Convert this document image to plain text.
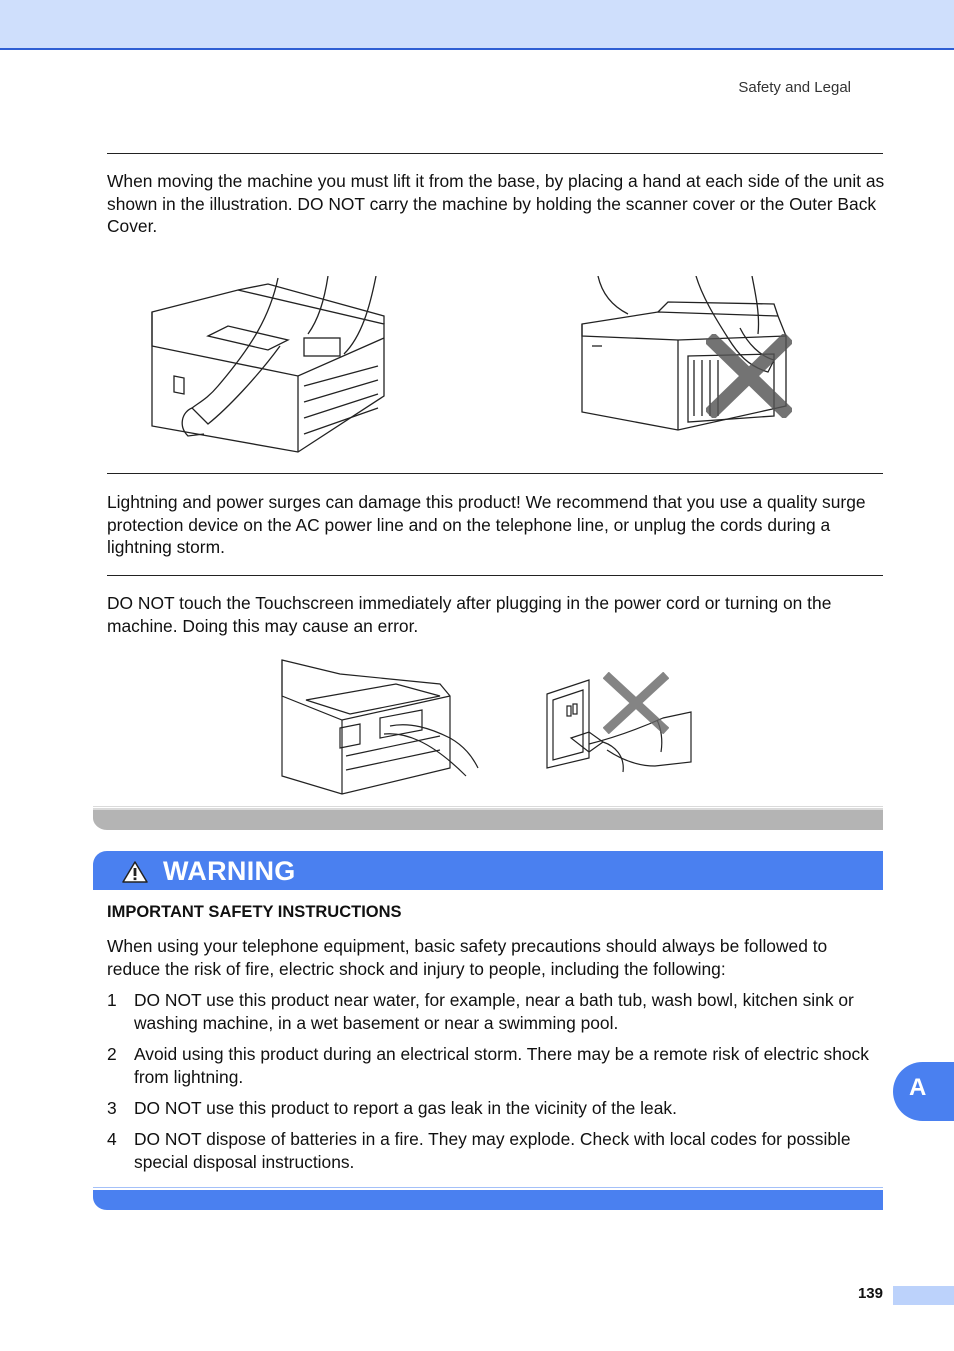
Safety and Legal
When moving the machine you must lift it from the base, by placing a hand at each side of the unit as shown in the illustration. DO NOT carry the machine by holding the scanner cover or the Outer Back Cover.
Lightning and power surges can damage this product! We recommend that you use a quality surge protection device on the AC power line and on the telephone line, or unplug the cords during a lightning storm.
DO NOT touch the Touchscreen immediately after plugging in the power cord or turning on the machine. Doing this may cause an error.
WARNING
IMPORTANT SAFETY INSTRUCTIONS
When using your telephone equipment, basic safety precautions should always be followed to reduce the risk of fire, electric shock and injury to people, including the following:
1 DO NOT use this product near water, for example, near a bath tub, wash bowl, kitchen sink or washing machine, in a wet basement or near a swimming pool.
2 Avoid using this product during an electrical storm. There may be a remote risk of electric shock from lightning.
3 DO NOT use this product to report a gas leak in the vicinity of the leak.
4 DO NOT dispose of batteries in a fire. They may explode. Check with local codes for possible special disposal instructions.
A
139
